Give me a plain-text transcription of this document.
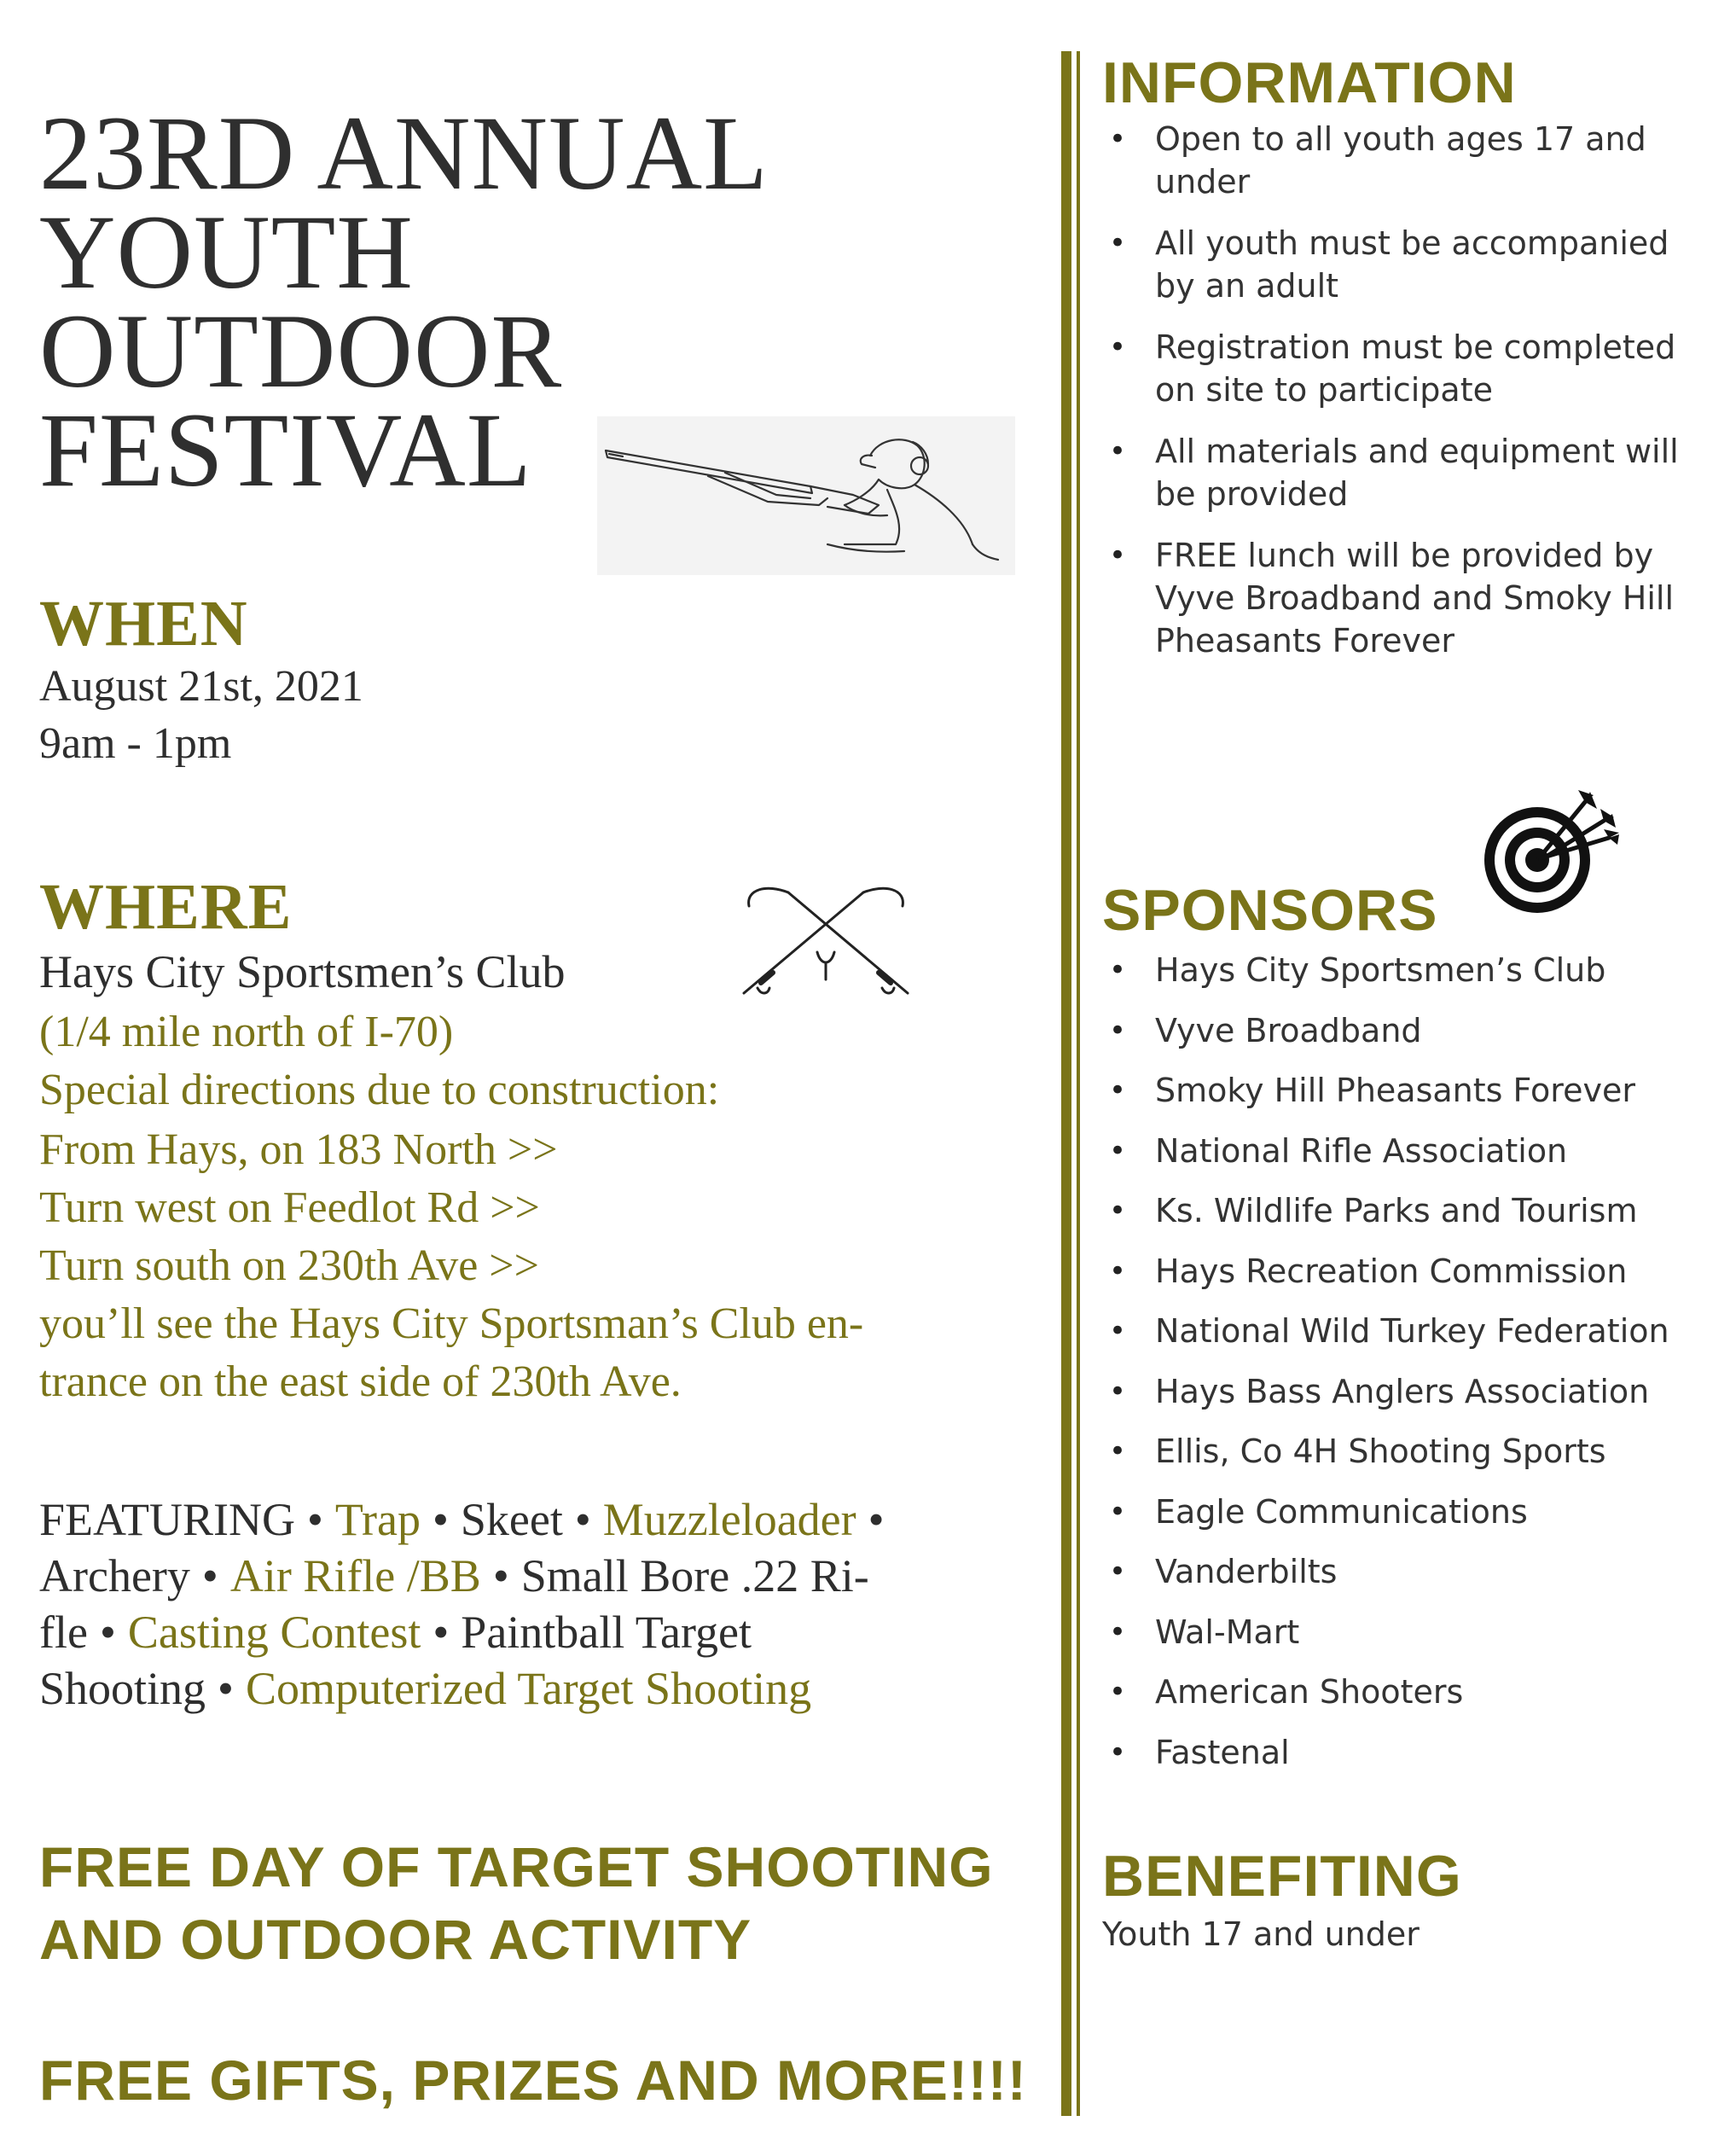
23RD ANNUAL
YOUTH
OUTDOOR
FESTIVAL
WHEN
August 21st, 2021
9am - 1pm
WHERE
Hays City Sportsmen’s Club
(1/4 mile north of I-70)
Special directions due to construction:
From Hays, on 183 North >>
Turn west on Feedlot Rd >>
Turn south on 230th Ave >>
you’ll see the Hays City Sportsman’s Club en-
trance on the east side of 230th Ave.
FEATURING • Trap • Skeet • Muzzleloader •
Archery • Air Rifle /BB • Small Bore .22 Ri-
fle • Casting Contest • Paintball Target
Shooting • Computerized Target Shooting
FREE DAY OF TARGET SHOOTING
AND OUTDOOR ACTIVITY
FREE GIFTS, PRIZES AND MORE!!!!
INFORMATION
• Open to all youth ages 17 and under
• All youth must be accompanied by an adult
• Registration must be completed on site to participate
• All materials and equipment will be provided
• FREE lunch will be provided by Vyve Broadband and Smoky Hill Pheasants Forever
SPONSORS
• Hays City Sportsmen’s Club
• Vyve Broadband
• Smoky Hill Pheasants Forever
• National Rifle Association
• Ks. Wildlife Parks and Tourism
• Hays Recreation Commission
• National Wild Turkey Federation
• Hays Bass Anglers Association
• Ellis, Co 4H Shooting Sports
• Eagle Communications
• Vanderbilts
• Wal-Mart
• American Shooters
• Fastenal
BENEFITING
Youth 17 and under
